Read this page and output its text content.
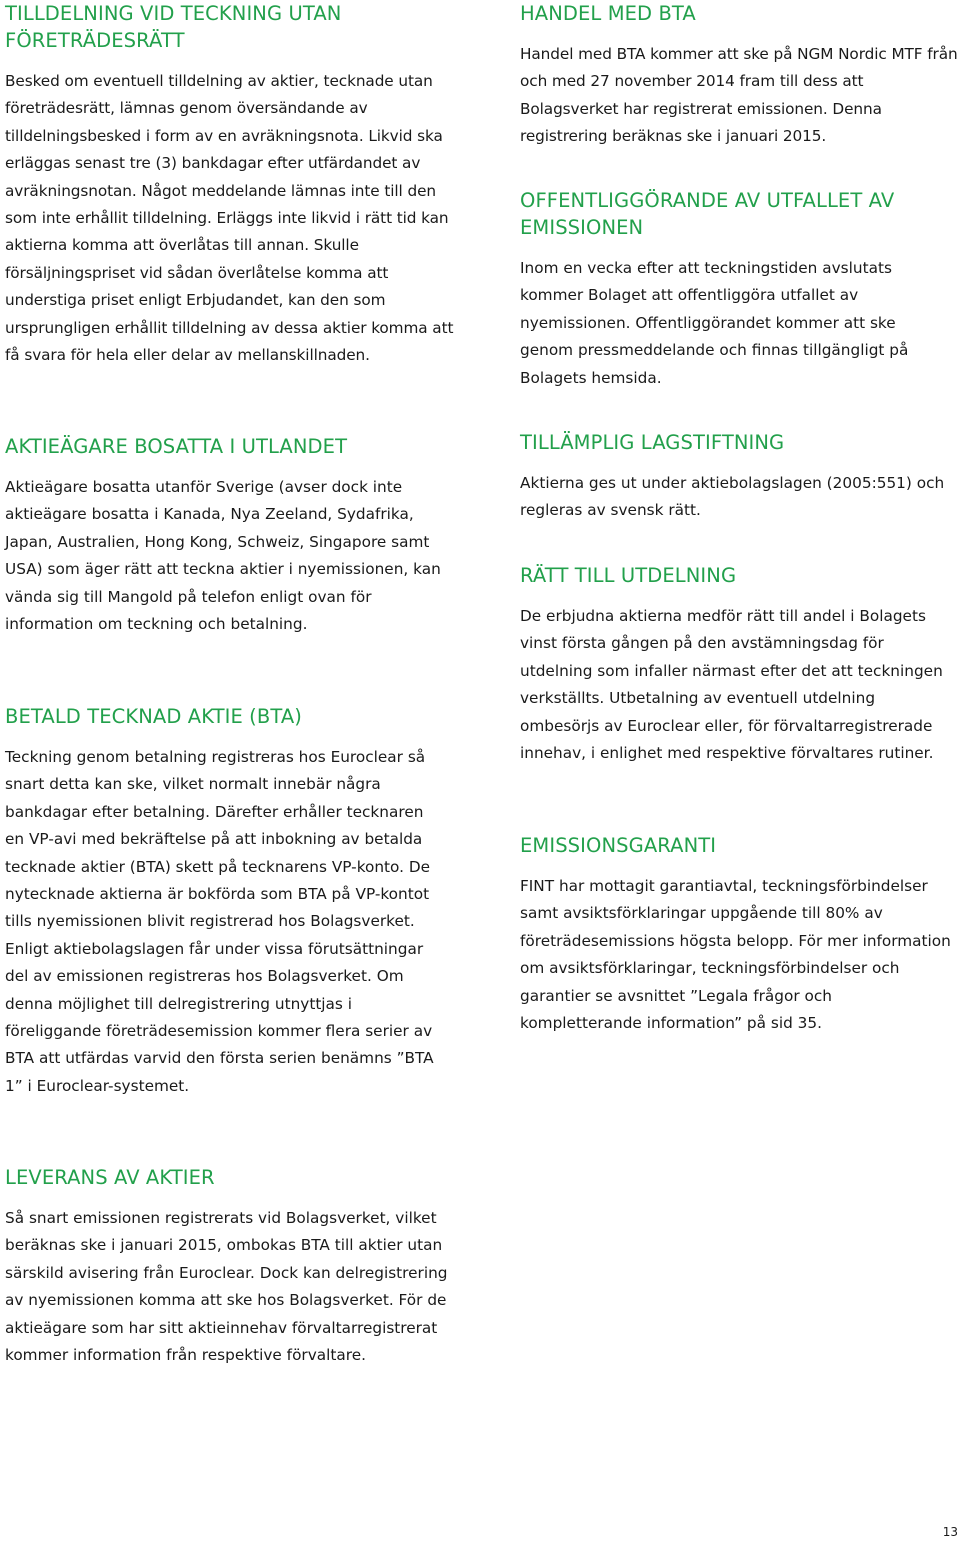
TILLDELNING VID TECKNING UTAN FÖRETRÄDESRÄTT

Besked om eventuell tilldelning av aktier, tecknade utan företrädesrätt, lämnas genom översändande av tilldelningsbesked i form av en avräkningsnota. Likvid ska erläggas senast tre (3) bankdagar efter utfärdandet av avräkningsnotan. Något meddelande lämnas inte till den som inte erhållit tilldelning. Erläggs inte likvid i rätt tid kan aktierna komma att överlåtas till annan. Skulle försäljningspriset vid sådan överlåtelse komma att understiga priset enligt Erbjudandet, kan den som ursprungligen erhållit tilldelning av dessa aktier komma att få svara för hela eller delar av mellanskillnaden.

AKTIEÄGARE BOSATTA I UTLANDET

Aktieägare bosatta utanför Sverige (avser dock inte aktieägare bosatta i Kanada, Nya Zeeland, Sydafrika, Japan, Australien, Hong Kong, Schweiz, Singapore samt USA) som äger rätt att teckna aktier i nyemissionen, kan vända sig till Mangold på telefon enligt ovan för information om teckning och betalning.

BETALD TECKNAD AKTIE (BTA)

Teckning genom betalning registreras hos Euroclear så snart detta kan ske, vilket normalt innebär några bankdagar efter betalning. Därefter erhåller tecknaren en VP-avi med bekräftelse på att inbokning av betalda tecknade aktier (BTA) skett på tecknarens VP-konto. De nytecknade aktierna är bokförda som BTA på VP-kontot tills nyemissionen blivit registrerad hos Bolagsverket. Enligt aktiebolagslagen får under vissa förutsättningar del av emissionen registreras hos Bolagsverket. Om denna möjlighet till delregistrering utnyttjas i föreliggande företrädesemission kommer flera serier av BTA att utfärdas varvid den första serien benämns ”BTA 1” i Euroclear-systemet.

LEVERANS AV AKTIER

Så snart emissionen registrerats vid Bolagsverket, vilket beräknas ske i januari 2015, ombokas BTA till aktier utan särskild avisering från Euroclear. Dock kan delregistrering av nyemissionen komma att ske hos Bolagsverket. För de aktieägare som har sitt aktieinnehav förvaltarregistrerat kommer information från respektive förvaltare.

HANDEL MED BTA

Handel med BTA kommer att ske på NGM Nordic MTF från och med 27 november 2014 fram till dess att Bolagsverket har registrerat emissionen. Denna registrering beräknas ske i januari 2015.

OFFENTLIGGÖRANDE AV UTFALLET AV EMISSIONEN

Inom en vecka efter att teckningstiden avslutats kommer Bolaget att offentliggöra utfallet av nyemissionen. Offentliggörandet kommer att ske genom pressmeddelande och finnas tillgängligt på Bolagets hemsida.

TILLÄMPLIG LAGSTIFTNING

Aktierna ges ut under aktiebolagslagen (2005:551) och regleras av svensk rätt.

RÄTT TILL UTDELNING

De erbjudna aktierna medför rätt till andel i Bolagets vinst första gången på den avstämningsdag för utdelning som infaller närmast efter det att teckningen verkställts. Utbetalning av eventuell utdelning ombesörjs av Euroclear eller, för förvaltarregistrerade innehav, i enlighet med respektive förvaltares rutiner.

EMISSIONSGARANTI

FINT har mottagit garantiavtal, teckningsförbindelser samt avsiktsförklaringar uppgående till 80% av företrädesemissions högsta belopp. För mer information om avsiktsförklaringar, teckningsförbindelser och garantier se avsnittet ”Legala frågor och kompletterande information” på sid 35.

13
